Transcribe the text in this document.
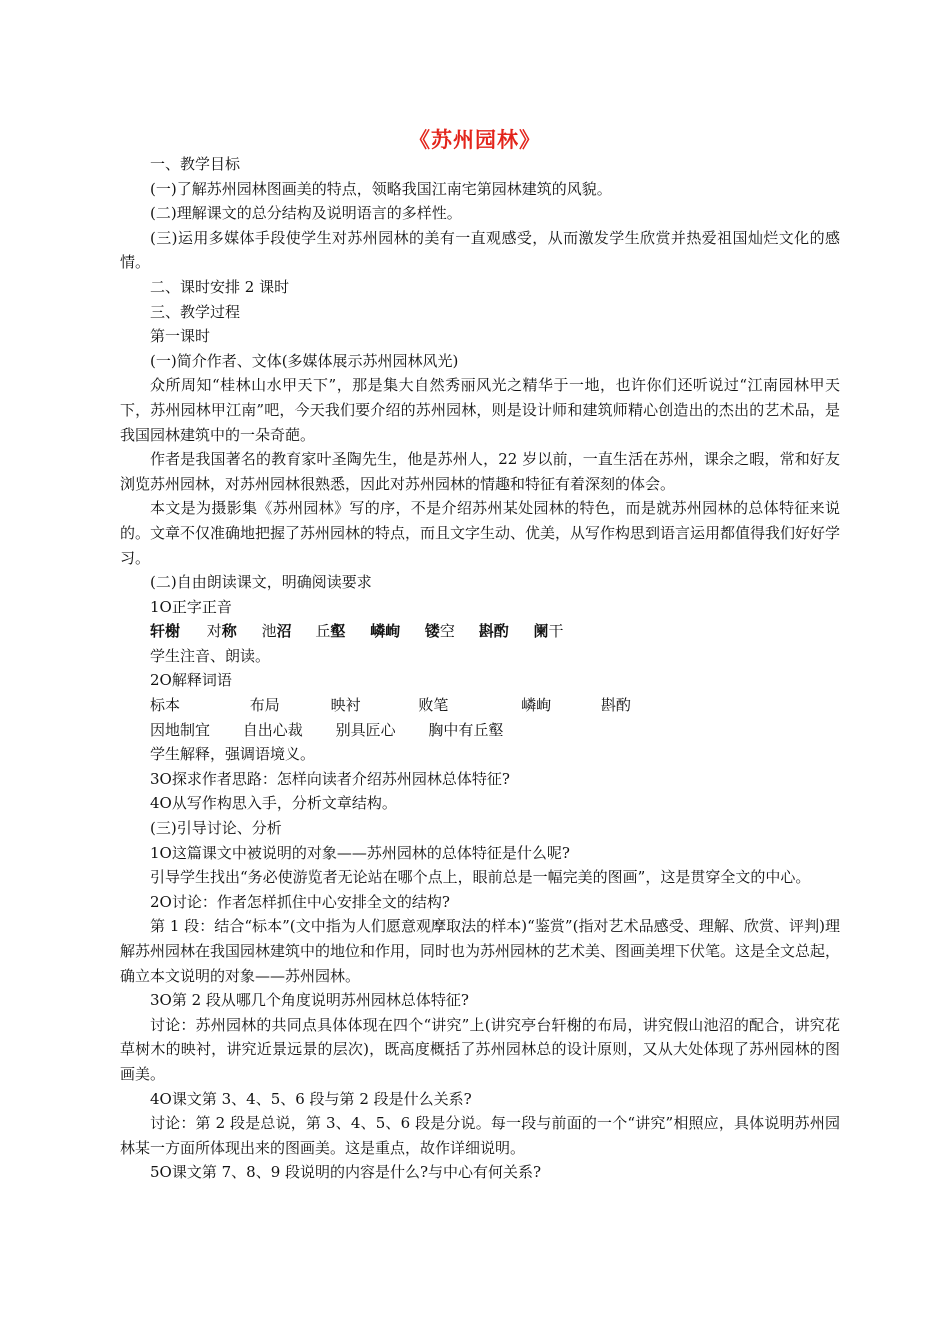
《苏州园林》

一、教学目标

(一)了解苏州园林图画美的特点，领略我国江南宅第园林建筑的风貌。

(二)理解课文的总分结构及说明语言的多样性。

(三)运用多媒体手段使学生对苏州园林的美有一直观感受，从而激发学生欣赏并热爱祖国灿烂文化的感情。

二、课时安排 2 课时

三、教学过程

第一课时

(一)简介作者、文体(多媒体展示苏州园林风光)

众所周知“桂林山水甲天下”，那是集大自然秀丽风光之精华于一地，也许你们还听说过“江南园林甲天下，苏州园林甲江南”吧，今天我们要介绍的苏州园林，则是设计师和建筑师精心创造出的杰出的艺术品，是我国园林建筑中的一朵奇葩。

作者是我国著名的教育家叶圣陶先生，他是苏州人，22 岁以前，一直生活在苏州，课余之暇，常和好友浏览苏州园林，对苏州园林很熟悉，因此对苏州园林的情趣和特征有着深刻的体会。

本文是为摄影集《苏州园林》写的序，不是介绍苏州某处园林的特色，而是就苏州园林的总体特征来说的。文章不仅准确地把握了苏州园林的特点，而且文字生动、优美，从写作构思到语言运用都值得我们好好学习。

(二)自由朗读课文，明确阅读要求

1O正字正音

轩榭 对称 池沼 丘壑 嶙峋 镂空 斟酌 阑干

学生注音、朗读。

2O解释词语

标本	布局	映衬	败笔	嶙峋	斟酌

因地制宜 自出心裁 别具匠心 胸中有丘壑

学生解释，强调语境义。

3O探求作者思路：怎样向读者介绍苏州园林总体特征?

4O从写作构思入手，分析文章结构。

(三)引导讨论、分析

1O这篇课文中被说明的对象——苏州园林的总体特征是什么呢?

引导学生找出“务必使游览者无论站在哪个点上，眼前总是一幅完美的图画”，这是贯穿全文的中心。

2O讨论：作者怎样抓住中心安排全文的结构?

第 1 段：结合“标本”(文中指为人们愿意观摩取法的样本)“鉴赏”(指对艺术品感受、理解、欣赏、评判)理解苏州园林在我国园林建筑中的地位和作用，同时也为苏州园林的艺术美、图画美埋下伏笔。这是全文总起，确立本文说明的对象——苏州园林。

3O第 2 段从哪几个角度说明苏州园林总体特征?

讨论：苏州园林的共同点具体体现在四个“讲究”上(讲究亭台轩榭的布局，讲究假山池沼的配合，讲究花草树木的映衬，讲究近景远景的层次)，既高度概括了苏州园林总的设计原则，又从大处体现了苏州园林的图画美。

4O课文第 3、4、5、6 段与第 2 段是什么关系?

讨论：第 2 段是总说，第 3、4、5、6 段是分说。每一段与前面的一个“讲究”相照应，具体说明苏州园林某一方面所体现出来的图画美。这是重点，故作详细说明。

5O课文第 7、8、9 段说明的内容是什么?与中心有何关系?
